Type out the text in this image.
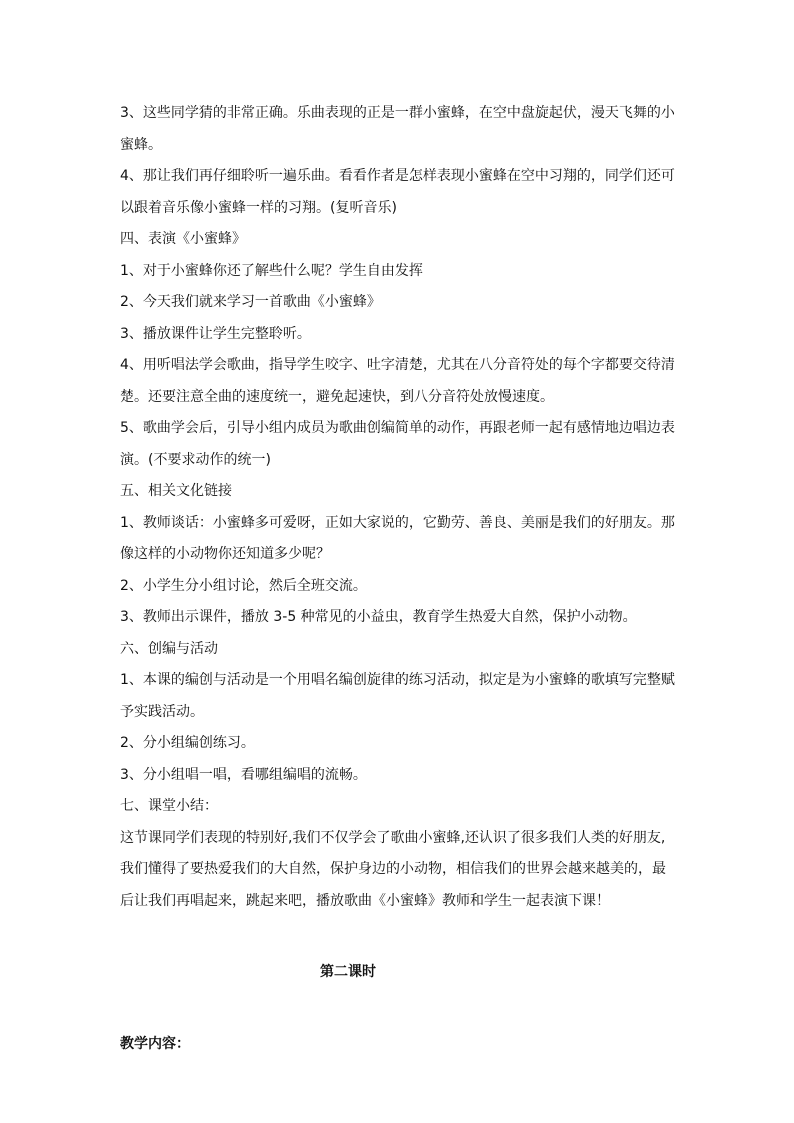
3、这些同学猜的非常正确。乐曲表现的正是一群小蜜蜂，在空中盘旋起伏，漫天飞舞的小蜜蜂。

4、那让我们再仔细聆听一遍乐曲。看看作者是怎样表现小蜜蜂在空中习翔的，同学们还可以跟着音乐像小蜜蜂一样的习翔。(复听音乐)

四、表演《小蜜蜂》

1、对于小蜜蜂你还了解些什么呢？学生自由发挥

2、今天我们就来学习一首歌曲《小蜜蜂》

3、播放课件让学生完整聆听。

4、用听唱法学会歌曲，指导学生咬字、吐字清楚，尤其在八分音符处的每个字都要交待清楚。还要注意全曲的速度统一，避免起速快，到八分音符处放慢速度。

5、歌曲学会后，引导小组内成员为歌曲创编简单的动作，再跟老师一起有感情地边唱边表演。(不要求动作的统一)

五、相关文化链接

1、教师谈话：小蜜蜂多可爱呀，正如大家说的，它勤劳、善良、美丽是我们的好朋友。那像这样的小动物你还知道多少呢？

2、小学生分小组讨论，然后全班交流。

3、教师出示课件，播放 3-5 种常见的小益虫，教育学生热爱大自然，保护小动物。

六、创编与活动

1、本课的编创与活动是一个用唱名编创旋律的练习活动，拟定是为小蜜蜂的歌填写完整赋予实践活动。

2、分小组编创练习。

3、分小组唱一唱，看哪组编唱的流畅。

七、课堂小结：

这节课同学们表现的特别好,我们不仅学会了歌曲小蜜蜂,还认识了很多我们人类的好朋友,我们懂得了要热爱我们的大自然，保护身边的小动物，相信我们的世界会越来越美的，最后让我们再唱起来，跳起来吧，播放歌曲《小蜜蜂》教师和学生一起表演下课！

第二课时

教学内容：
